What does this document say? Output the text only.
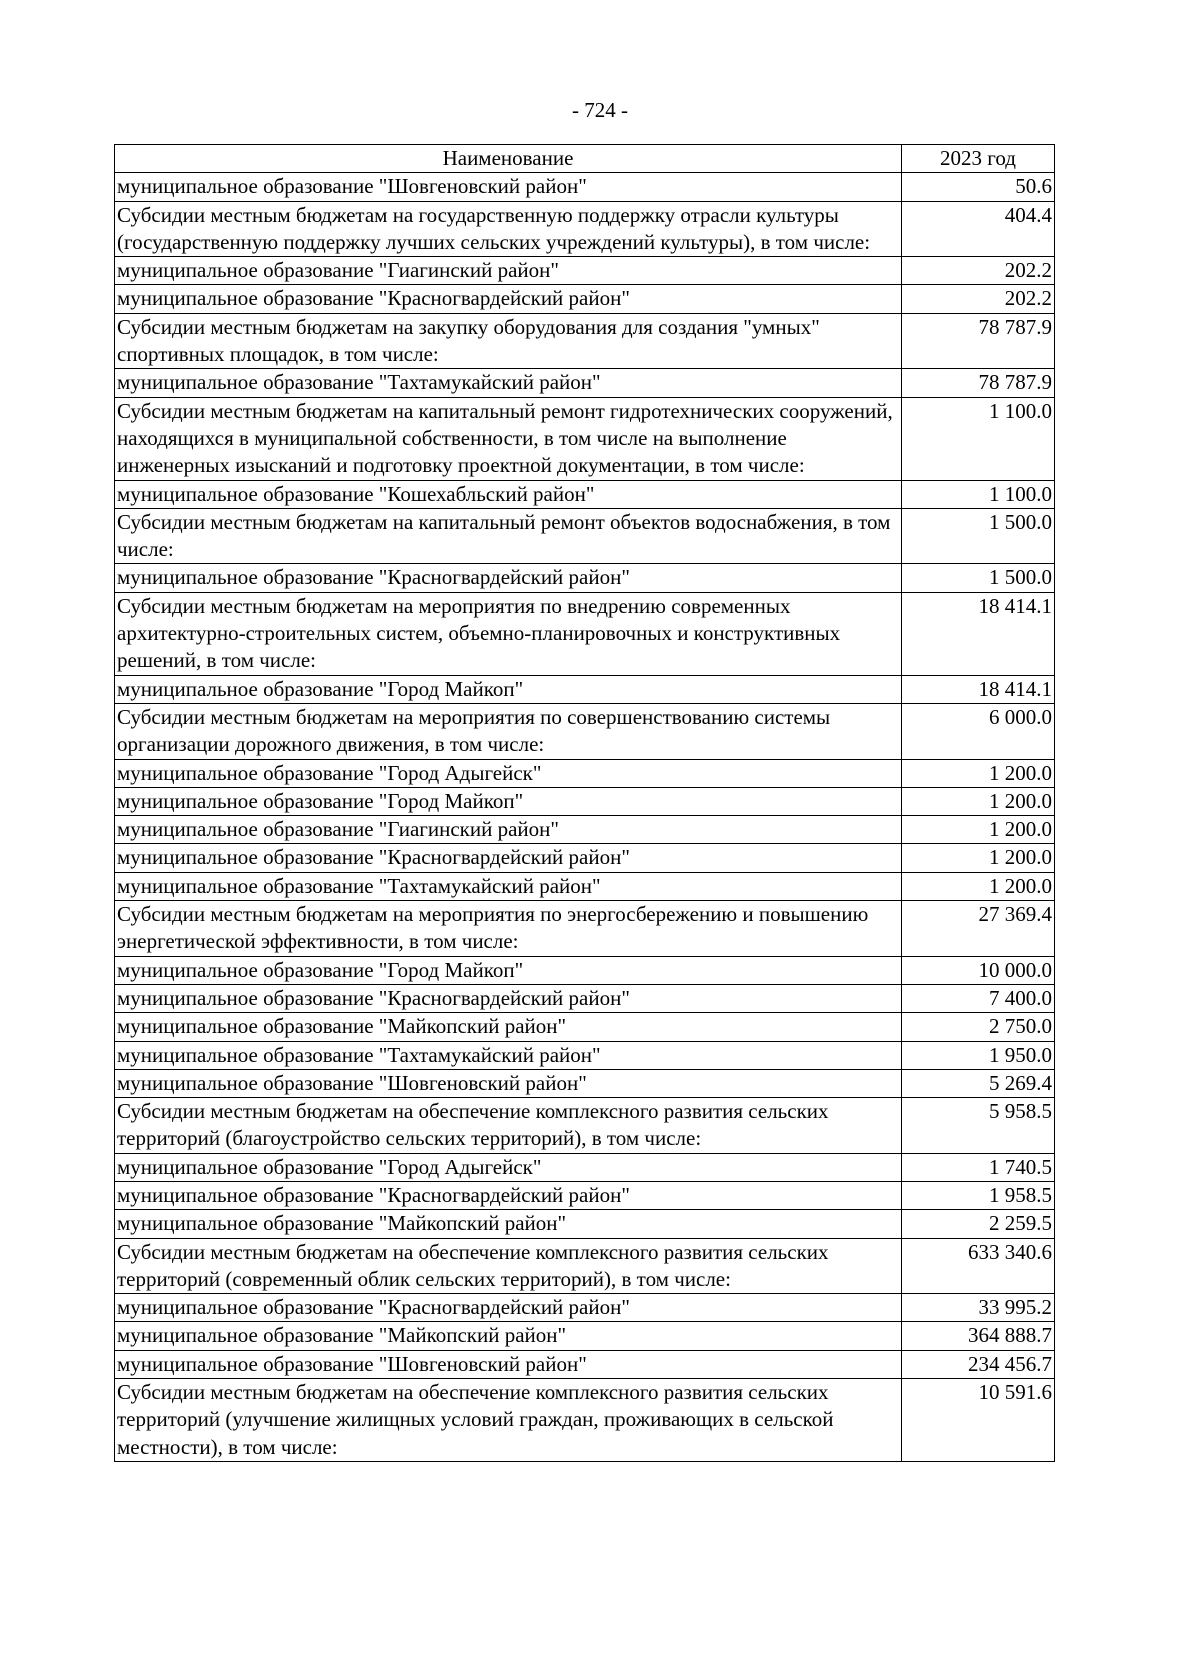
- 724 -
Наименование	2023 год
муниципальное образование "Шовгеновский район"	50.6
Субсидии местным бюджетам на государственную поддержку отрасли культуры (государственную поддержку лучших сельских учреждений культуры), в том числе:	404.4
муниципальное образование "Гиагинский район"	202.2
муниципальное образование "Красногвардейский район"	202.2
Субсидии местным бюджетам на закупку оборудования для создания "умных" спортивных площадок, в том числе:	78 787.9
муниципальное образование "Тахтамукайский район"	78 787.9
Субсидии местным бюджетам на капитальный ремонт гидротехнических сооружений, находящихся в муниципальной собственности, в том числе на выполнение инженерных изысканий и подготовку проектной документации, в том числе:	1 100.0
муниципальное образование "Кошехабльский район"	1 100.0
Субсидии местным бюджетам на капитальный ремонт объектов водоснабжения, в том числе:	1 500.0
муниципальное образование "Красногвардейский район"	1 500.0
Субсидии местным бюджетам на мероприятия по внедрению современных архитектурно-строительных систем, объемно-планировочных и конструктивных решений, в том числе:	18 414.1
муниципальное образование "Город Майкоп"	18 414.1
Субсидии местным бюджетам на мероприятия по совершенствованию системы организации дорожного движения, в том числе:	6 000.0
муниципальное образование "Город Адыгейск"	1 200.0
муниципальное образование "Город Майкоп"	1 200.0
муниципальное образование "Гиагинский район"	1 200.0
муниципальное образование "Красногвардейский район"	1 200.0
муниципальное образование "Тахтамукайский район"	1 200.0
Субсидии местным бюджетам на мероприятия по энергосбережению и повышению энергетической эффективности, в том числе:	27 369.4
муниципальное образование "Город Майкоп"	10 000.0
муниципальное образование "Красногвардейский район"	7 400.0
муниципальное образование "Майкопский район"	2 750.0
муниципальное образование "Тахтамукайский район"	1 950.0
муниципальное образование "Шовгеновский район"	5 269.4
Субсидии местным бюджетам на обеспечение комплексного развития сельских территорий (благоустройство сельских территорий), в том числе:	5 958.5
муниципальное образование "Город Адыгейск"	1 740.5
муниципальное образование "Красногвардейский район"	1 958.5
муниципальное образование "Майкопский район"	2 259.5
Субсидии местным бюджетам на обеспечение комплексного развития сельских территорий (современный облик сельских территорий), в том числе:	633 340.6
муниципальное образование "Красногвардейский район"	33 995.2
муниципальное образование "Майкопский район"	364 888.7
муниципальное образование "Шовгеновский район"	234 456.7
Субсидии местным бюджетам на обеспечение комплексного развития сельских территорий (улучшение жилищных условий граждан, проживающих в сельской местности), в том числе:	10 591.6
